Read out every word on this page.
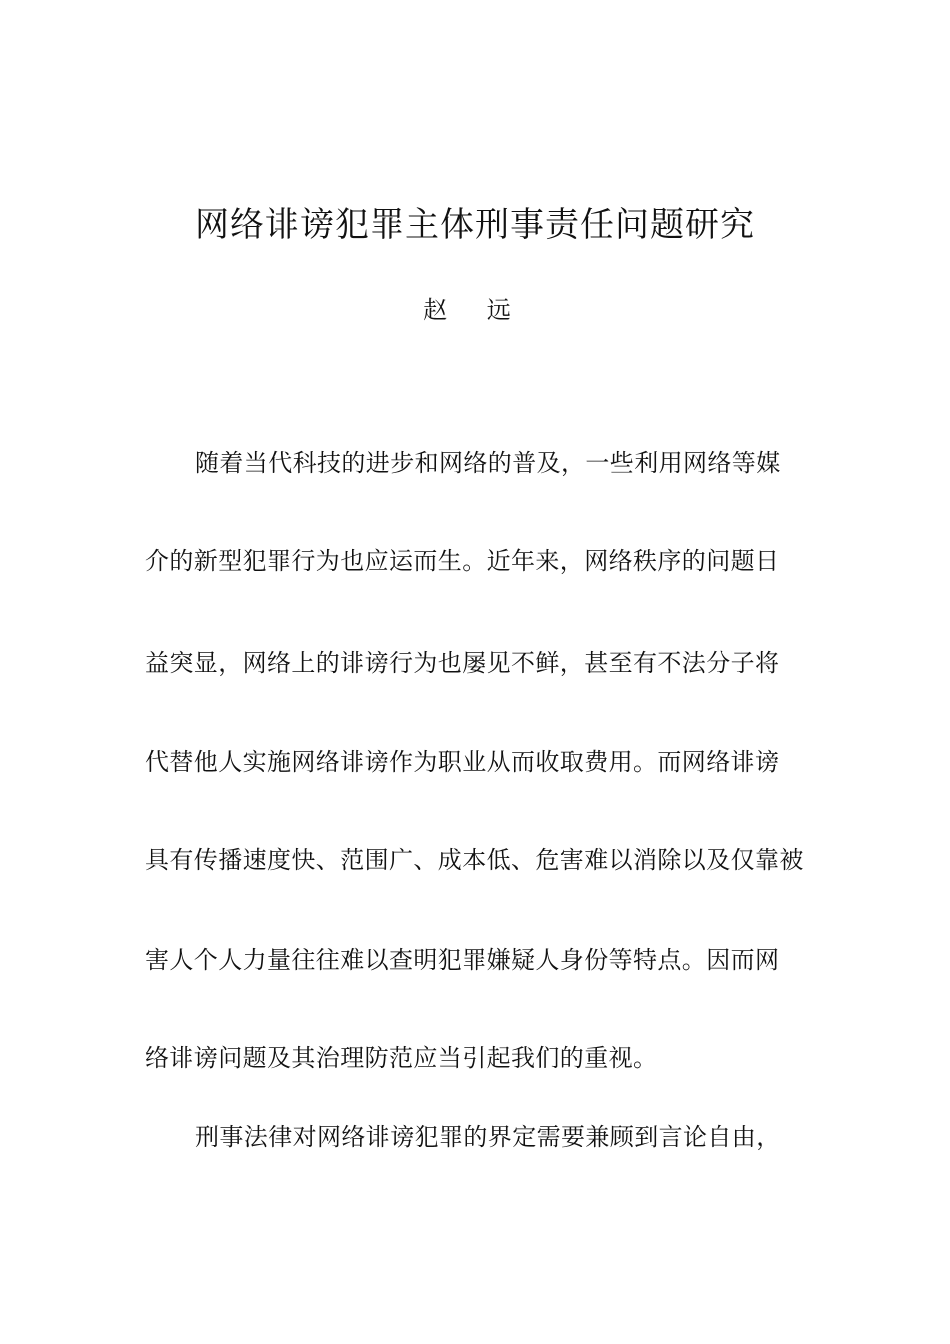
网络诽谤犯罪主体刑事责任问题研究

赵 远

随着当代科技的进步和网络的普及，一些利用网络等媒

介的新型犯罪行为也应运而生。近年来，网络秩序的问题日

益突显，网络上的诽谤行为也屡见不鲜，甚至有不法分子将

代替他人实施网络诽谤作为职业从而收取费用。而网络诽谤

具有传播速度快、范围广、成本低、危害难以消除以及仅靠被

害人个人力量往往难以查明犯罪嫌疑人身份等特点。因而网

络诽谤问题及其治理防范应当引起我们的重视。

刑事法律对网络诽谤犯罪的界定需要兼顾到言论自由，
